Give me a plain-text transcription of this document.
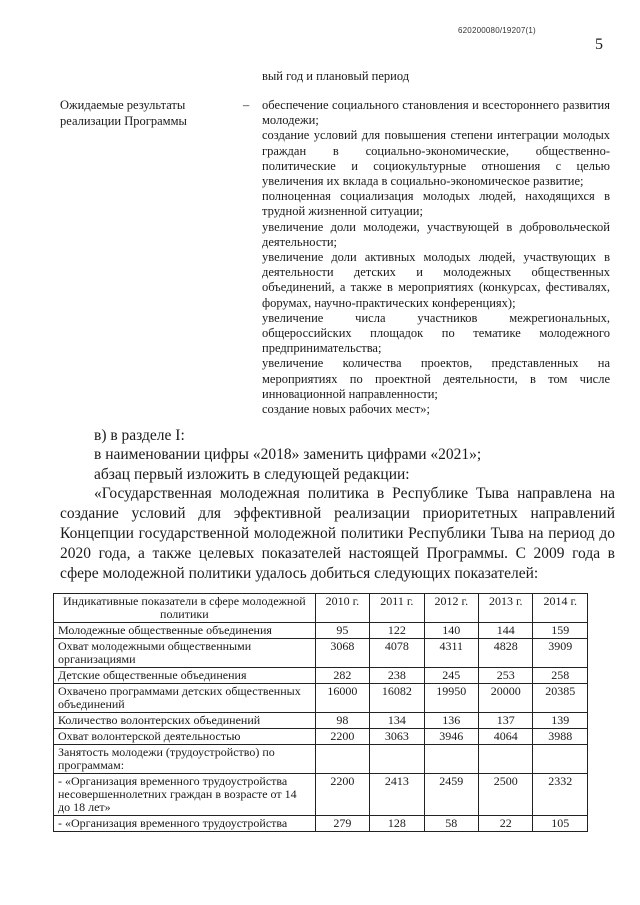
620200080/19207(1)
5
вый год и плановый период
Ожидаемые результаты реализации Программы
– обеспечение социального становления и всестороннего развития молодежи;
создание условий для повышения степени интеграции молодых граждан в социально-экономические, общественно-политические и социокультурные отношения с целью увеличения их вклада в социально-экономическое развитие;
полноценная социализация молодых людей, находящихся в трудной жизненной ситуации;
увеличение доли молодежи, участвующей в добровольческой деятельности;
увеличение доли активных молодых людей, участвующих в деятельности детских и молодежных общественных объединений, а также в мероприятиях (конкурсах, фестивалях, форумах, научно-практических конференциях);
увеличение числа участников межрегиональных, общероссийских площадок по тематике молодежного предпринимательства;
увеличение количества проектов, представленных на мероприятиях по проектной деятельности, в том числе инновационной направленности;
создание новых рабочих мест»;
в) в разделе I:
в наименовании цифры «2018» заменить цифрами «2021»;
абзац первый изложить в следующей редакции:
«Государственная молодежная политика в Республике Тыва направлена на создание условий для эффективной реализации приоритетных направлений Концепции государственной молодежной политики Республики Тыва на период до 2020 года, а также целевых показателей настоящей Программы. С 2009 года в сфере молодежной политики удалось добиться следующих показателей:
Индикативные показатели в сфере молодежной политики	2010 г.	2011 г.	2012 г.	2013 г.	2014 г.
Молодежные общественные объединения	95	122	140	144	159
Охват молодежными общественными организациями	3068	4078	4311	4828	3909
Детские общественные объединения	282	238	245	253	258
Охвачено программами детских общественных объединений	16000	16082	19950	20000	20385
Количество волонтерских объединений	98	134	136	137	139
Охват волонтерской деятельностью	2200	3063	3946	4064	3988
Занятость молодежи (трудоустройство) по программам:					
- «Организация временного трудоустройства несовершеннолетних граждан в возрасте от 14 до 18 лет»	2200	2413	2459	2500	2332
- «Организация временного трудоустройства	279	128	58	22	105
